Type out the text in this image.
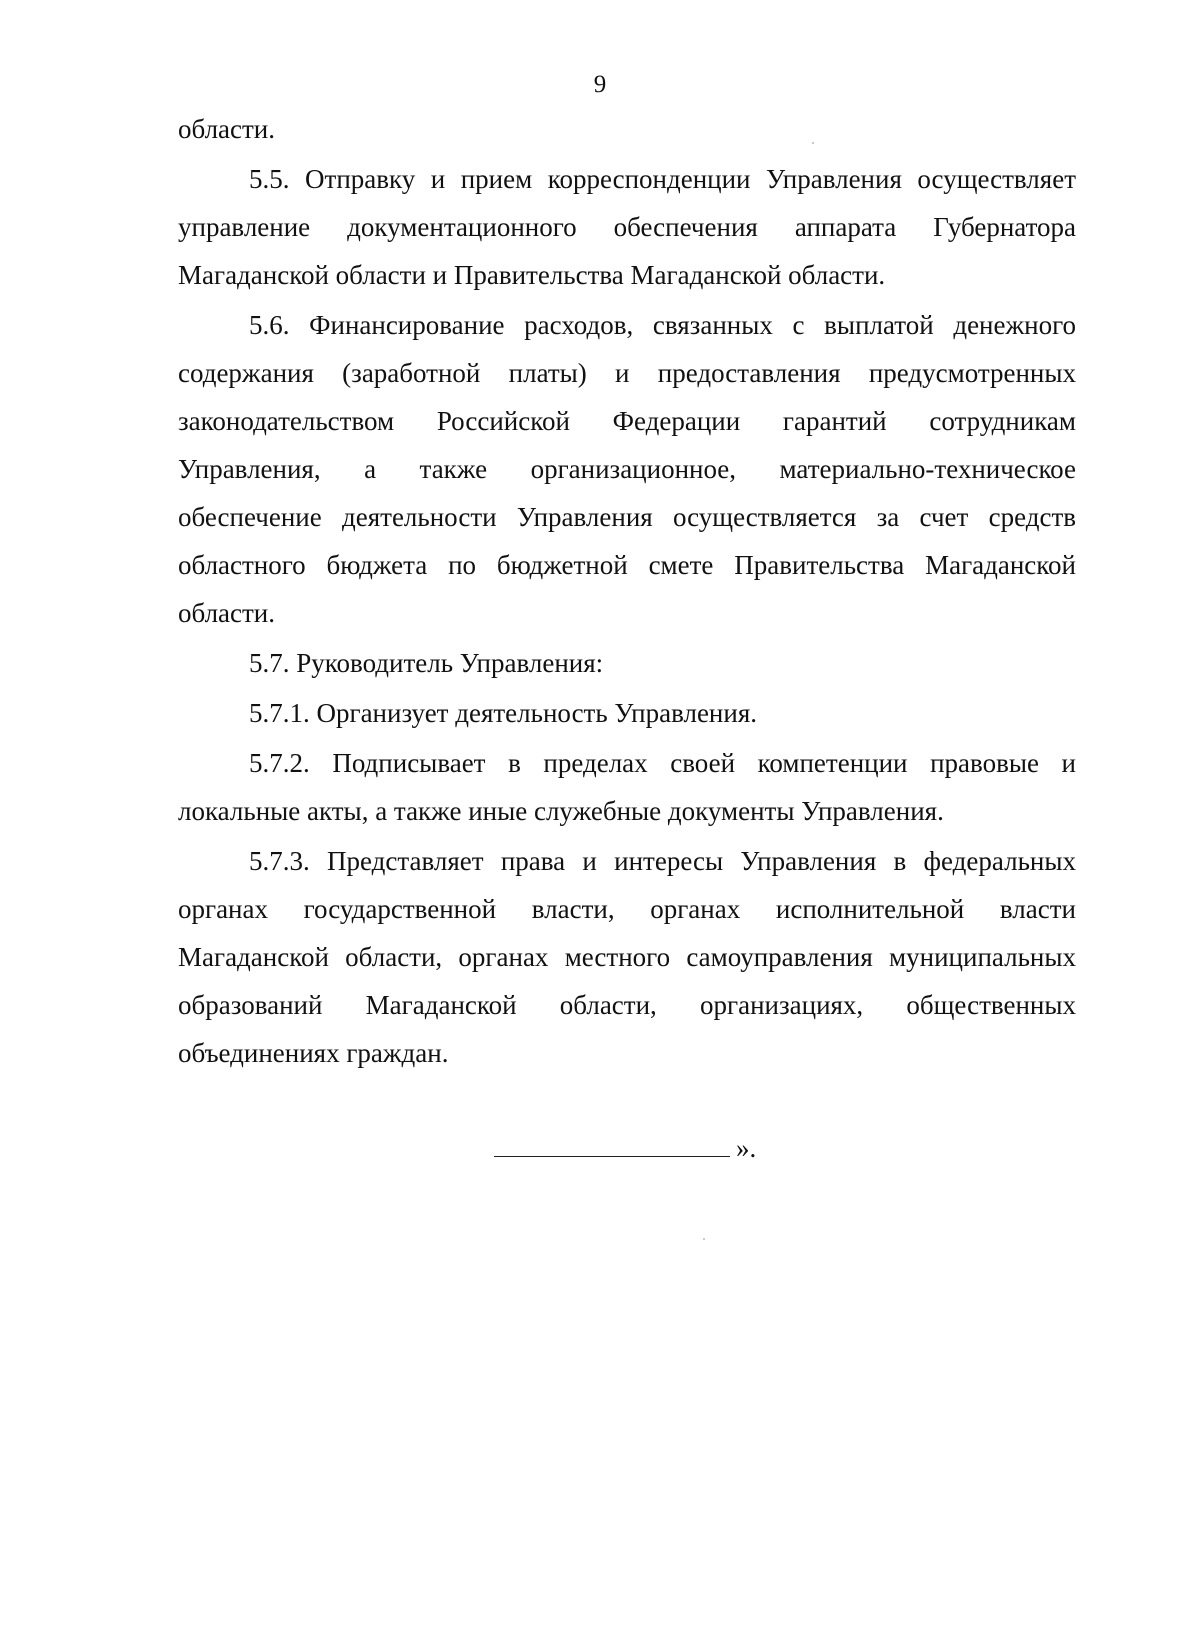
9

области.

5.5. Отправку и прием корреспонденции Управления осуществляет управление документационного обеспечения аппарата Губернатора Магаданской области и Правительства Магаданской области.

5.6. Финансирование расходов, связанных с выплатой денежного содержания (заработной платы) и предоставления предусмотренных законодательством Российской Федерации гарантий сотрудникам Управления, а также организационное, материально-техническое обеспечение деятельности Управления осуществляется за счет средств областного бюджета по бюджетной смете Правительства Магаданской области.

5.7. Руководитель Управления:

5.7.1. Организует деятельность Управления.

5.7.2. Подписывает в пределах своей компетенции правовые и локальные акты, а также иные служебные документы Управления.

5.7.3. Представляет права и интересы Управления в федеральных органах государственной власти, органах исполнительной власти Магаданской области, органах местного самоуправления муниципальных образований Магаданской области, организациях, общественных объединениях граждан.

».
